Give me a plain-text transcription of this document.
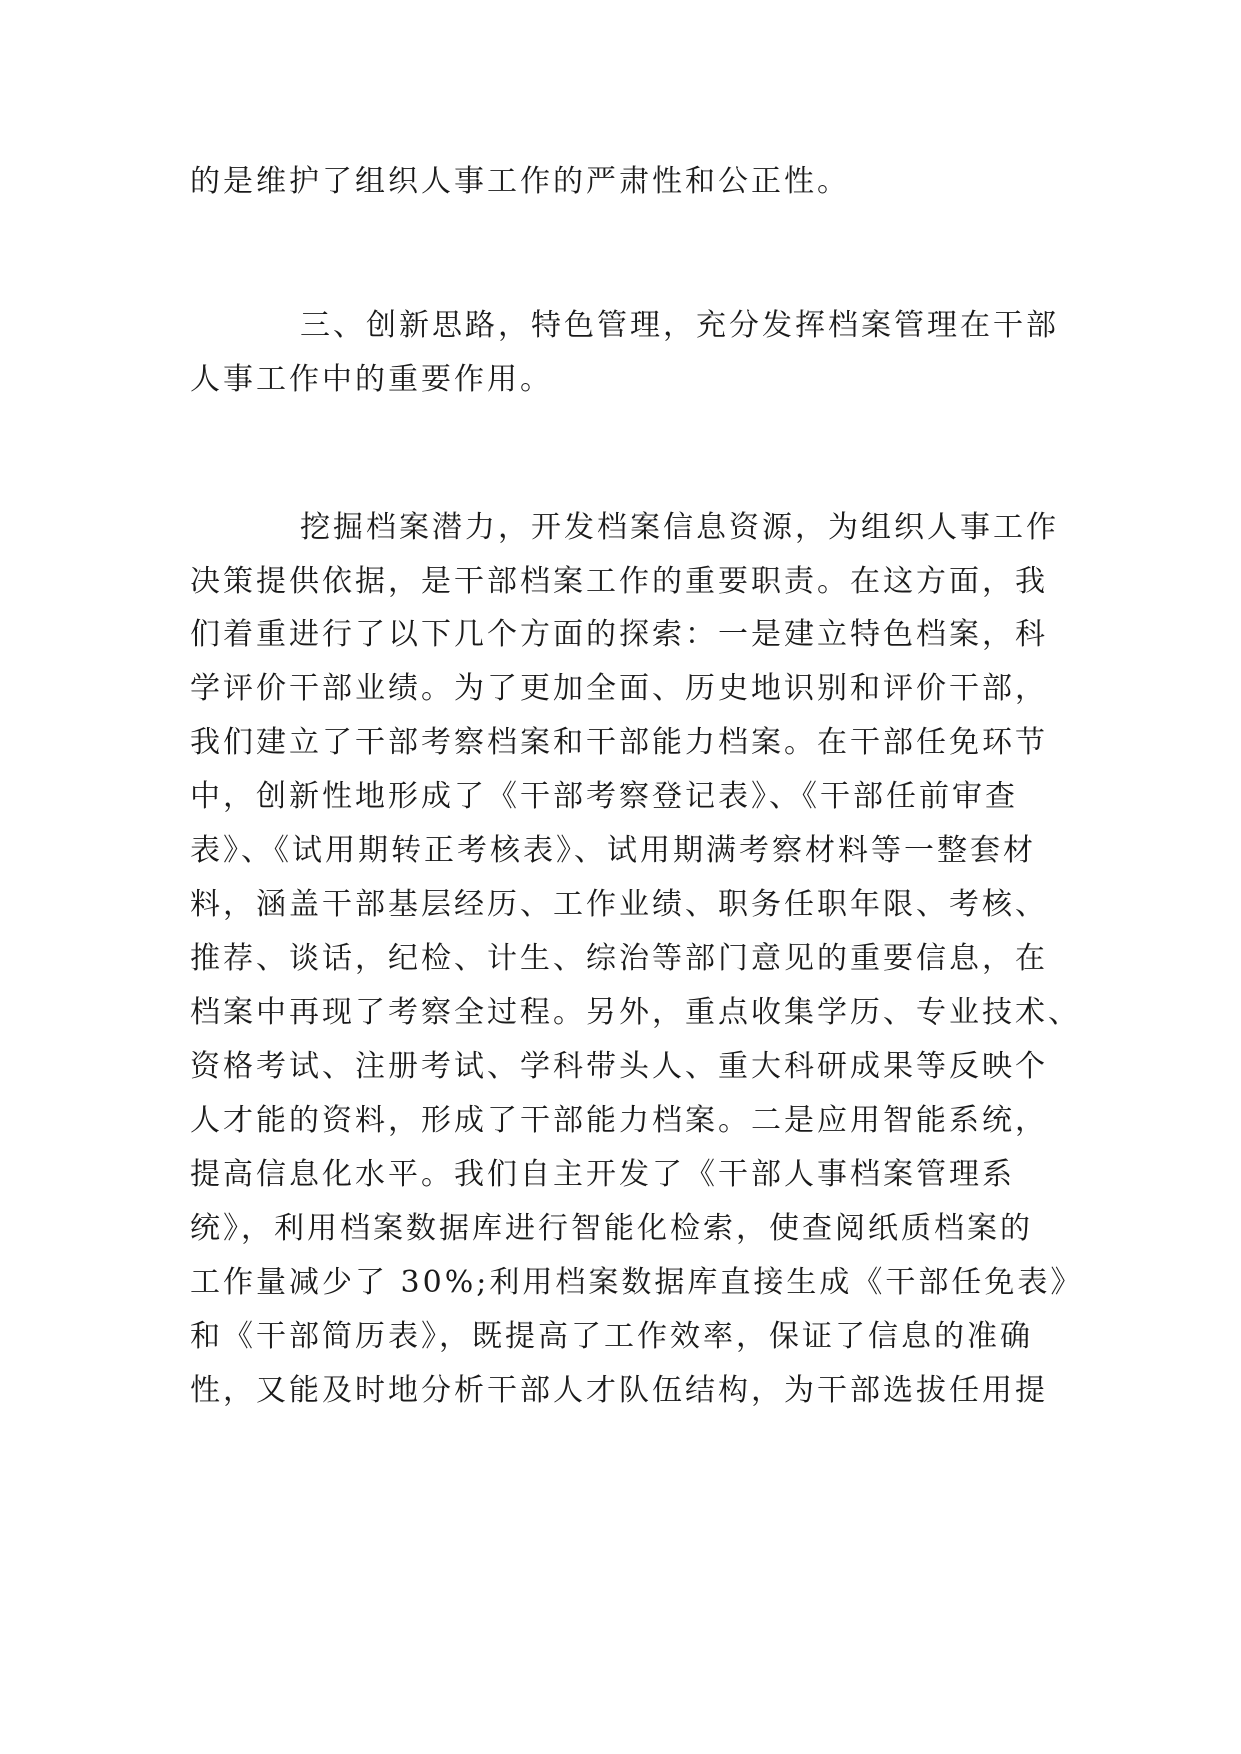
的是维护了组织人事工作的严肃性和公正性。
三、创新思路，特色管理，充分发挥档案管理在干部
人事工作中的重要作用。
挖掘档案潜力，开发档案信息资源，为组织人事工作
决策提供依据，是干部档案工作的重要职责。在这方面，我
们着重进行了以下几个方面的探索：一是建立特色档案，科
学评价干部业绩。为了更加全面、历史地识别和评价干部，
我们建立了干部考察档案和干部能力档案。在干部任免环节
中，创新性地形成了《干部考察登记表》、《干部任前审查
表》、《试用期转正考核表》、试用期满考察材料等一整套材
料，涵盖干部基层经历、工作业绩、职务任职年限、考核、
推荐、谈话，纪检、计生、综治等部门意见的重要信息，在
档案中再现了考察全过程。另外，重点收集学历、专业技术、
资格考试、注册考试、学科带头人、重大科研成果等反映个
人才能的资料，形成了干部能力档案。二是应用智能系统，
提高信息化水平。我们自主开发了《干部人事档案管理系
统》，利用档案数据库进行智能化检索，使查阅纸质档案的
工作量减少了 30%;利用档案数据库直接生成《干部任免表》
和《干部简历表》，既提高了工作效率，保证了信息的准确
性，又能及时地分析干部人才队伍结构，为干部选拔任用提
